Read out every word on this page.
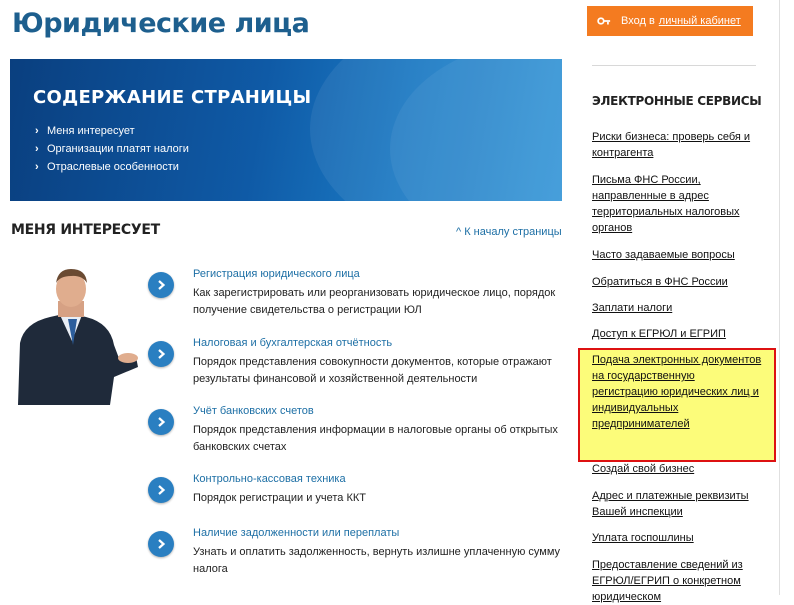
Юридические лица	Вход в личный кабинет
СОДЕРЖАНИЕ СТРАНИЦЫ
› Меня интересует
› Организации платят налоги
› Отраслевые особенности
МЕНЯ ИНТЕРЕСУЕТ	^ К началу страницы
Регистрация юридического лица
Как зарегистрировать или реорганизовать юридическое лицо, порядок получение свидетельства о регистрации ЮЛ
Налоговая и бухгалтерская отчётность
Порядок представления совокупности документов, которые отражают результаты финансовой и хозяйственной деятельности
Учёт банковских счетов
Порядок представления информации в налоговые органы об открытых банковских счетах
Контрольно-кассовая техника
Порядок регистрации и учета ККТ
Наличие задолженности или переплаты
Узнать и оплатить задолженность, вернуть излишне уплаченную сумму налога
ЭЛЕКТРОННЫЕ СЕРВИСЫ
Риски бизнеса: проверь себя и контрагента
Письма ФНС России, направленные в адрес территориальных налоговых органов
Часто задаваемые вопросы
Обратиться в ФНС России
Заплати налоги
Доступ к ЕГРЮЛ и ЕГРИП
Подача электронных документов на государственную регистрацию юридических лиц и индивидуальных предпринимателей
Создай свой бизнес
Адрес и платежные реквизиты Вашей инспекции
Уплата госпошлины
Предоставление сведений из ЕГРЮЛ/ЕГРИП о конкретном юридическом
